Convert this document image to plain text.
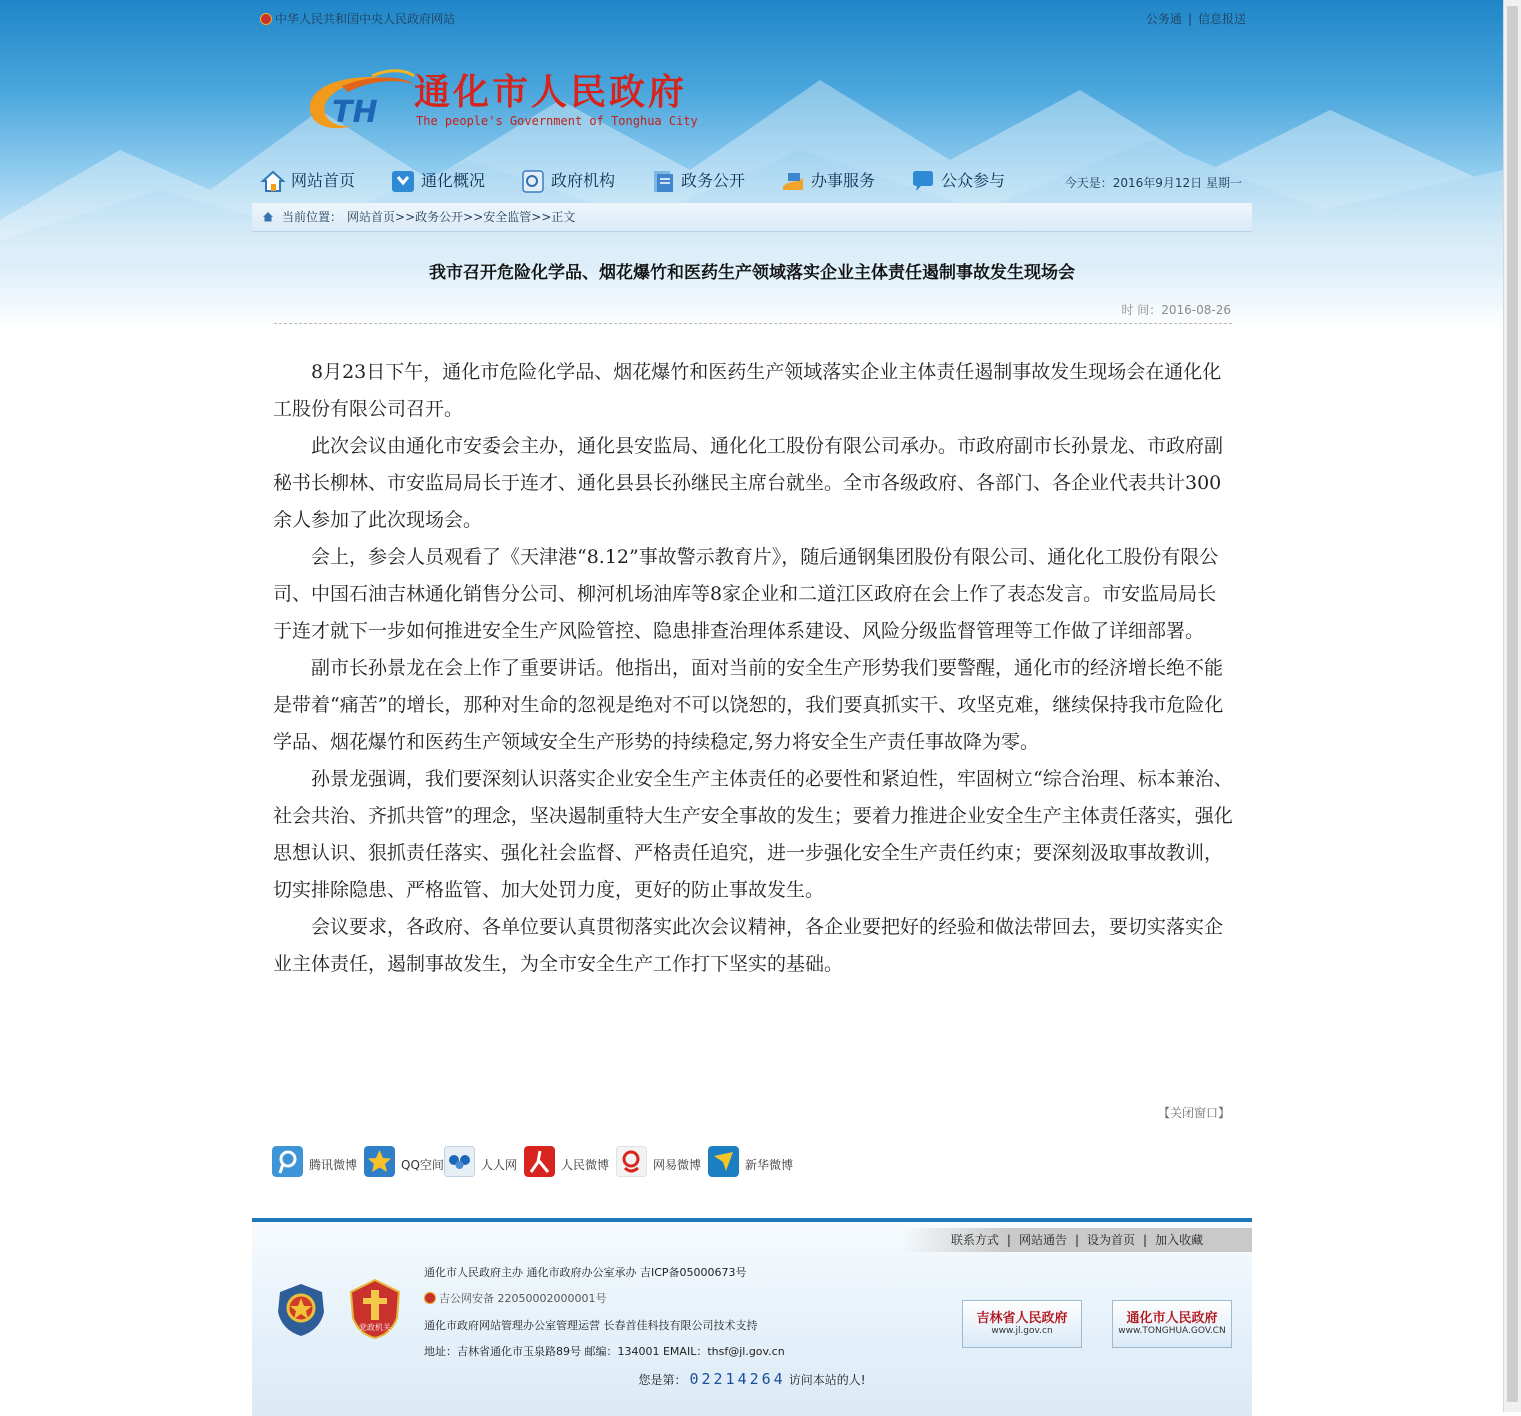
中华人民共和国中央人民政府网站	公务通 | 信息报送
TH 通化市人民政府
The people's Government of Tonghua City
网站首页	通化概况	政府机构	政务公开	办事服务	公众参与	今天是：2016年9月12日 星期一
当前位置： 网站首页>>政务公开>>安全监管>>正文
我市召开危险化学品、烟花爆竹和医药生产领域落实企业主体责任遏制事故发生现场会
时 间：2016-08-26

8月23日下午，通化市危险化学品、烟花爆竹和医药生产领域落实企业主体责任遏制事故发生现场会在通化化工股份有限公司召开。

此次会议由通化市安委会主办，通化县安监局、通化化工股份有限公司承办。市政府副市长孙景龙、市政府副秘书长柳林、市安监局局长于连才、通化县县长孙继民主席台就坐。全市各级政府、各部门、各企业代表共计300余人参加了此次现场会。

会上，参会人员观看了《天津港“8.12”事故警示教育片》，随后通钢集团股份有限公司、通化化工股份有限公司、中国石油吉林通化销售分公司、柳河机场油库等8家企业和二道江区政府在会上作了表态发言。市安监局局长于连才就下一步如何推进安全生产风险管控、隐患排查治理体系建设、风险分级监督管理等工作做了详细部署。

副市长孙景龙在会上作了重要讲话。他指出，面对当前的安全生产形势我们要警醒，通化市的经济增长绝不能是带着“痛苦”的增长，那种对生命的忽视是绝对不可以饶恕的，我们要真抓实干、攻坚克难，继续保持我市危险化学品、烟花爆竹和医药生产领域安全生产形势的持续稳定,努力将安全生产责任事故降为零。

孙景龙强调，我们要深刻认识落实企业安全生产主体责任的必要性和紧迫性，牢固树立“综合治理、标本兼治、社会共治、齐抓共管”的理念，坚决遏制重特大生产安全事故的发生；要着力推进企业安全生产主体责任落实，强化思想认识、狠抓责任落实、强化社会监督、严格责任追究，进一步强化安全生产责任约束；要深刻汲取事故教训，切实排除隐患、严格监管、加大处罚力度，更好的防止事故发生。

会议要求，各政府、各单位要认真贯彻落实此次会议精神，各企业要把好的经验和做法带回去，要切实落实企业主体责任，遏制事故发生，为全市安全生产工作打下坚实的基础。

【关闭窗口】
腾讯微博	QQ空间	人人网	人民微博	网易微博	新华微博
联系方式 | 网站通告 | 设为首页 | 加入收藏
党政机关
通化市人民政府主办 通化市政府办公室承办 吉ICP备05000673号
吉公网安备 22050002000001号
通化市政府网站管理办公室管理运营 长春首佳科技有限公司技术支持
地址：吉林省通化市玉泉路89号 邮编：134001 EMAIL：thsf@jl.gov.cn
您是第： 02214264 访问本站的人!
吉林省人民政府
www.jl.gov.cn
通化市人民政府
www.TONGHUA.GOV.CN
